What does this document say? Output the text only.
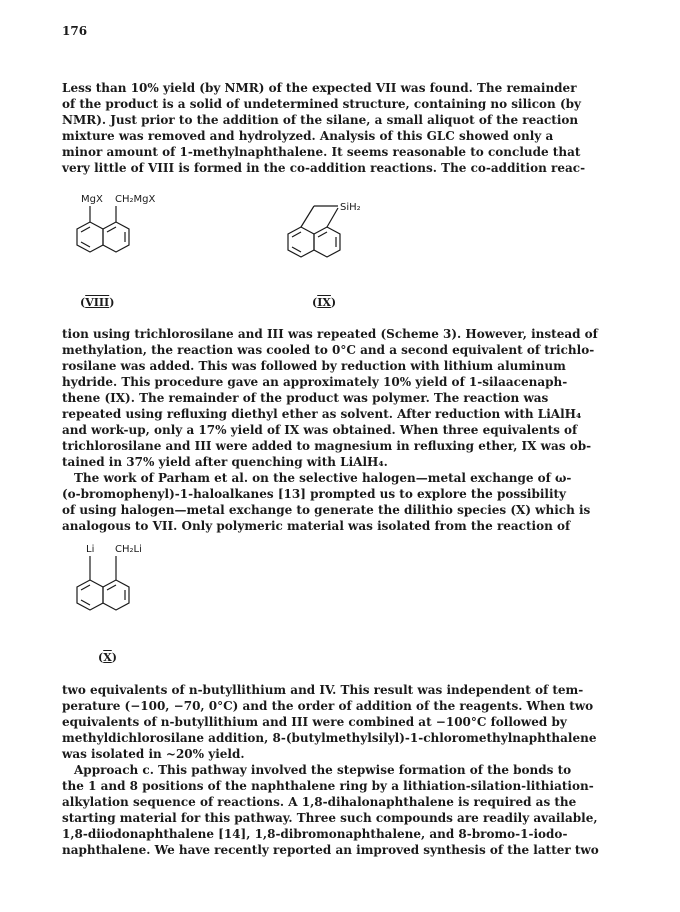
176
Less than 10% yield (by NMR) of the expected VII was found. The remainder
of the product is a solid of undetermined structure, containing no silicon (by
NMR). Just prior to the addition of the silane, a small aliquot of the reaction
mixture was removed and hydrolyzed. Analysis of this GLC showed only a
minor amount of 1-methylnaphthalene. It seems reasonable to conclude that
very little of VIII is formed in the co-addition reactions. The co-addition reac-
MgX CH₂MgX
(VIII)
SiH₂
(IX)
tion using trichlorosilane and III was repeated (Scheme 3). However, instead of
methylation, the reaction was cooled to 0°C and a second equivalent of trichlo-
rosilane was added. This was followed by reduction with lithium aluminum
hydride. This procedure gave an approximately 10% yield of 1-silaacenaph-
thene (IX). The remainder of the product was polymer. The reaction was
repeated using refluxing diethyl ether as solvent. After reduction with LiAlH₄
and work-up, only a 17% yield of IX was obtained. When three equivalents of
trichlorosilane and III were added to magnesium in refluxing ether, IX was ob-
tained in 37% yield after quenching with LiAlH₄.
The work of Parham et al. on the selective halogen—metal exchange of ω-
(o-bromophenyl)-1-haloalkanes [13] prompted us to explore the possibility
of using halogen—metal exchange to generate the dilithio species (X) which is
analogous to VII. Only polymeric material was isolated from the reaction of
Li CH₂Li
(X)
two equivalents of n-butyllithium and IV. This result was independent of tem-
perature (−100, −70, 0°C) and the order of addition of the reagents. When two
equivalents of n-butyllithium and III were combined at −100°C followed by
methyldichlorosilane addition, 8-(butylmethylsilyl)-1-chloromethylnaphthalene
was isolated in ~20% yield.
Approach c. This pathway involved the stepwise formation of the bonds to
the 1 and 8 positions of the naphthalene ring by a lithiation-silation-lithiation-
alkylation sequence of reactions. A 1,8-dihalonaphthalene is required as the
starting material for this pathway. Three such compounds are readily available,
1,8-diiodonaphthalene [14], 1,8-dibromonaphthalene, and 8-bromo-1-iodo-
naphthalene. We have recently reported an improved synthesis of the latter two
